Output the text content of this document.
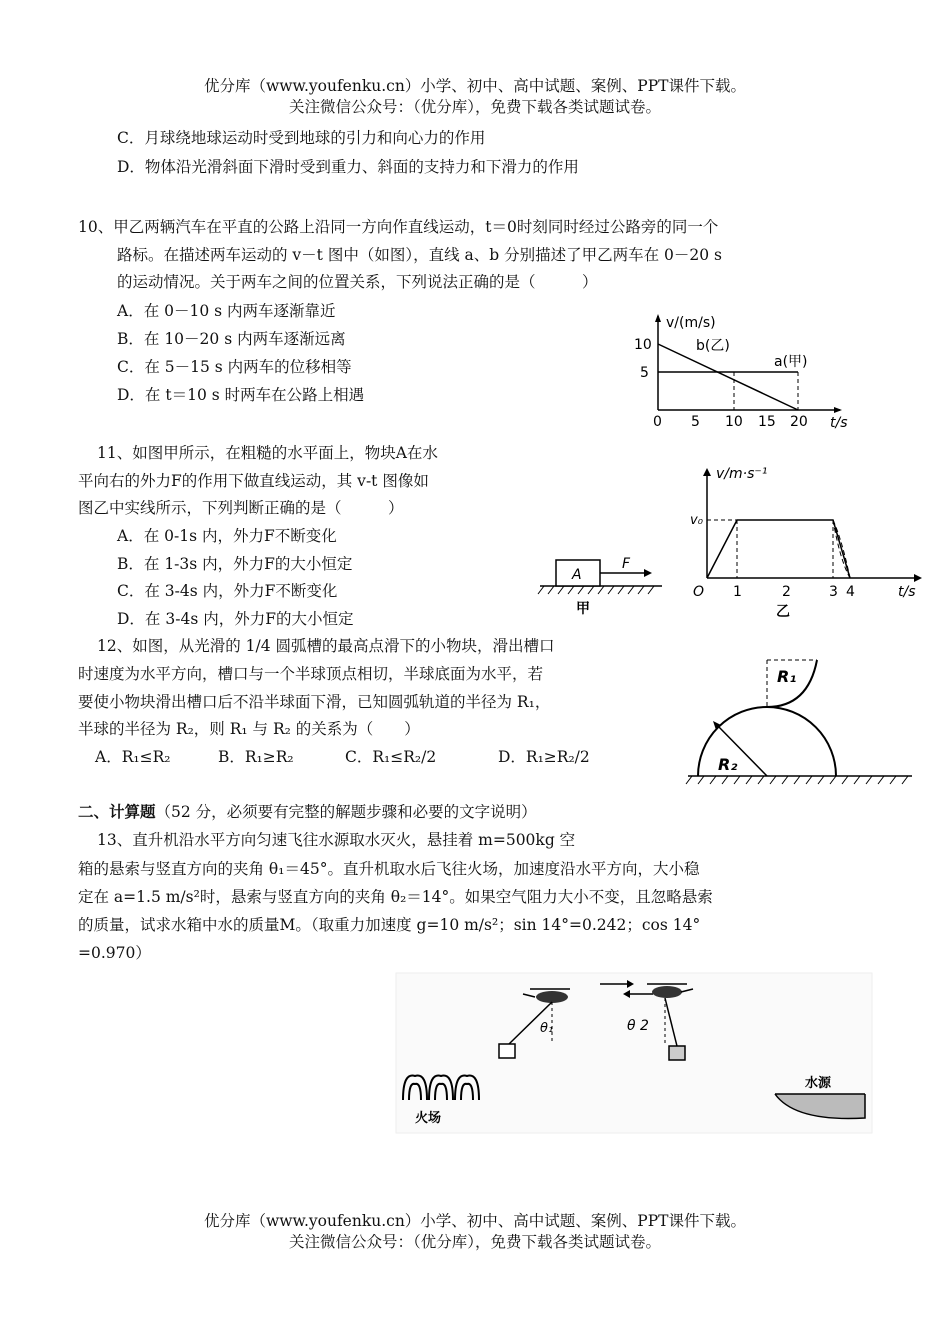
优分库（www.youfenku.cn）小学、初中、高中试题、案例、PPT课件下载。
关注微信公众号：（优分库），免费下载各类试题试卷。
C．月球绕地球运动时受到地球的引力和向心力的作用
D．物体沿光滑斜面下滑时受到重力、斜面的支持力和下滑力的作用
10、甲乙两辆汽车在平直的公路上沿同一方向作直线运动，t＝0时刻同时经过公路旁的同一个
路标。在描述两车运动的 v－t 图中（如图），直线 a、b 分别描述了甲乙两车在 0－20 s
的运动情况。关于两车之间的位置关系，下列说法正确的是（　　　）
A．在 0－10 s 内两车逐渐靠近
B．在 10－20 s 内两车逐渐远离
C．在 5－15 s 内两车的位移相等
D．在 t＝10 s 时两车在公路上相遇
v/(m/s)
t/s
10
5
0 5 10 15 20
b(乙)
a(甲)
11、如图甲所示，在粗糙的水平面上，物块A在水
平向右的外力F的作用下做直线运动，其 v-t 图像如
图乙中实线所示，下列判断正确的是（　　　）
A．在 0-1s 内，外力F不断变化
B．在 1-3s 内，外力F的大小恒定
C．在 3-4s 内，外力F不断变化
D．在 3-4s 内，外力F的大小恒定
A
F
甲
v/m·s⁻¹
v₀
O 1	2	3 4	t/s
乙
12、如图，从光滑的 1/4 圆弧槽的最高点滑下的小物块，滑出槽口
时速度为水平方向，槽口与一个半球顶点相切，半球底面为水平，若
要使小物块滑出槽口后不沿半球面下滑，已知圆弧轨道的半径为 R₁，
半球的半径为 R₂，则 R₁ 与 R₂ 的关系为（　　）
A．R₁≤R₂	B．R₁≥R₂	C．R₁≤R₂/2	D．R₁≥R₂/2	R₂
R₁
二、计算题（52 分，必须要有完整的解题步骤和必要的文字说明）
13、直升机沿水平方向匀速飞往水源取水灭火，悬挂着 m=500kg 空
箱的悬索与竖直方向的夹角 θ₁＝45°。直升机取水后飞往火场，加速度沿水平方向，大小稳
定在 a=1.5 m/s²时，悬索与竖直方向的夹角 θ₂＝14°。如果空气阻力大小不变，且忽略悬索
的质量，试求水箱中水的质量M。（取重力加速度 g=10 m/s²；sin 14°=0.242；cos 14°
=0.970）
θ₁	θ 2
火场
水源
优分库（www.youfenku.cn）小学、初中、高中试题、案例、PPT课件下载。
关注微信公众号：（优分库），免费下载各类试题试卷。
